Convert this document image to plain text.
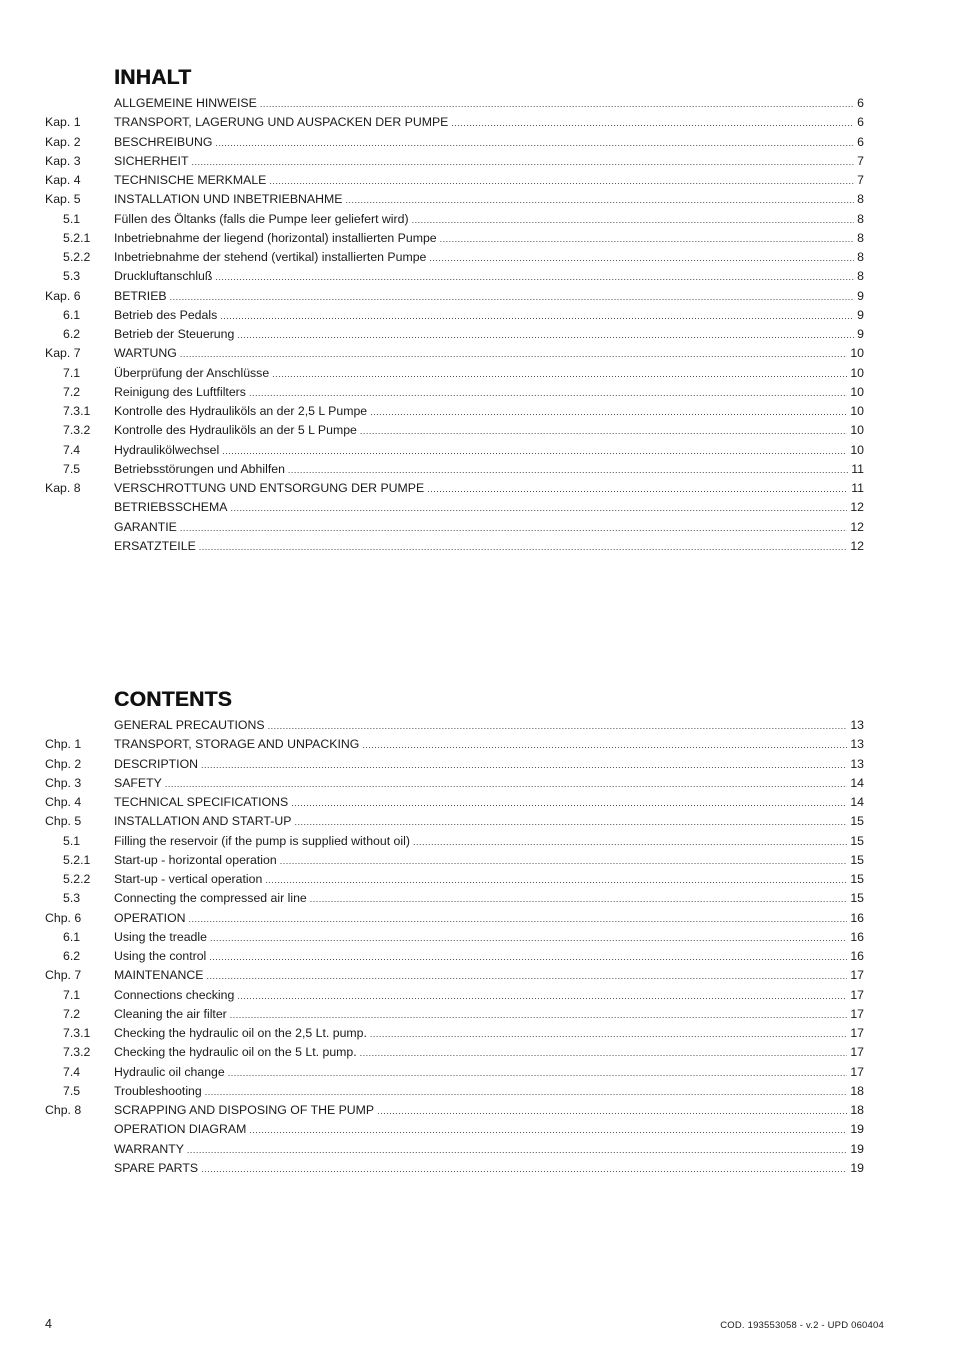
INHALT
ALLGEMEINE HINWEISE .....	6
Kap. 1	TRANSPORT, LAGERUNG UND AUSPACKEN DER PUMPE .....	6
Kap. 2	BESCHREIBUNG .....	6
Kap. 3	SICHERHEIT .....	7
Kap. 4	TECHNISCHE MERKMALE .....	7
Kap. 5	INSTALLATION UND INBETRIEBNAHME .....	8
5.1	Füllen des Öltanks (falls die Pumpe leer geliefert wird) .....	8
5.2.1	Inbetriebnahme der liegend (horizontal) installierten Pumpe .....	8
5.2.2	Inbetriebnahme der stehend (vertikal) installierten Pumpe .....	8
5.3	Druckluftanschluß .....	8
Kap. 6	BETRIEB .....	9
6.1	Betrieb des Pedals .....	9
6.2	Betrieb der Steuerung .....	9
Kap. 7	WARTUNG .....	10
7.1	Überprüfung der Anschlüsse .....	10
7.2	Reinigung des Luftfilters .....	10
7.3.1	Kontrolle des Hydrauliköls an der 2,5 L Pumpe .....	10
7.3.2	Kontrolle des Hydrauliköls an der 5 L Pumpe .....	10
7.4	Hydraulikölwechsel .....	10
7.5	Betriebsstörungen und Abhilfen .....	11
Kap. 8	VERSCHROTTUNG UND ENTSORGUNG DER PUMPE .....	11
BETRIEBSSCHEMA .....	12
GARANTIE .....	12
ERSATZTEILE .....	12
CONTENTS
GENERAL PRECAUTIONS .....	13
Chp. 1	TRANSPORT, STORAGE AND UNPACKING .....	13
Chp. 2	DESCRIPTION .....	13
Chp. 3	SAFETY .....	14
Chp. 4	TECHNICAL SPECIFICATIONS .....	14
Chp. 5	INSTALLATION AND START-UP .....	15
5.1	Filling the reservoir (if the pump is supplied without oil) .....	15
5.2.1	Start-up - horizontal operation .....	15
5.2.2	Start-up - vertical operation .....	15
5.3	Connecting the compressed air line .....	15
Chp. 6	OPERATION .....	16
6.1	Using the treadle .....	16
6.2	Using the control .....	16
Chp. 7	MAINTENANCE .....	17
7.1	Connections checking .....	17
7.2	Cleaning the air filter .....	17
7.3.1	Checking the hydraulic oil on the 2,5 Lt. pump. .....	17
7.3.2	Checking the hydraulic oil on the 5 Lt. pump. .....	17
7.4	Hydraulic oil change .....	17
7.5	Troubleshooting .....	18
Chp. 8	SCRAPPING AND DISPOSING OF THE PUMP .....	18
OPERATION DIAGRAM .....	19
WARRANTY .....	19
SPARE PARTS .....	19
4	COD. 193553058 - v.2 - UPD 060404
